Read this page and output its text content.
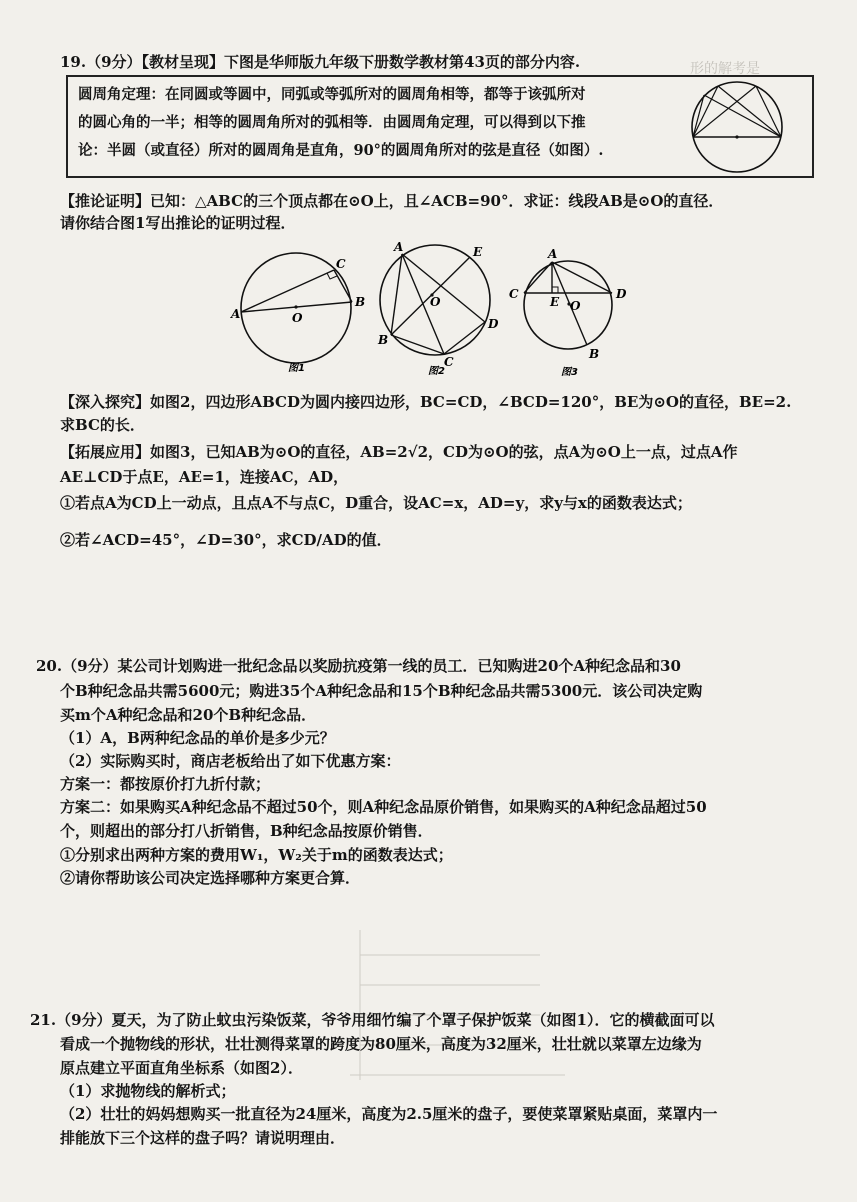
形的解考是
19.（9分）【教材呈现】下图是华师版九年级下册数学教材第43页的部分内容.
圆周角定理：在同圆或等圆中，同弧或等弧所对的圆周角相等，都等于该弧所对
的圆心角的一半；相等的圆周角所对的弧相等．由圆周角定理，可以得到以下推
论：半圆（或直径）所对的圆周角是直角，90°的圆周角所对的弦是直径（如图）.
【推论证明】已知：△ABC的三个顶点都在⊙O上，且∠ACB=90°．求证：线段AB是⊙O的直径．
请你结合图1写出推论的证明过程．
A
B
C
O
图1
A
B
C
D
E
O
图2
A
B
C	D
E O
图3
【深入探究】如图2，四边形ABCD为圆内接四边形，BC=CD，∠BCD=120°，BE为⊙O的直径，BE=2.
求BC的长．
【拓展应用】如图3，已知AB为⊙O的直径，AB=2√2，CD为⊙O的弦，点A为⊙O上一点，过点A作
AE⊥CD于点E，AE=1，连接AC，AD，
①若点A为CD上一动点，且点A不与点C，D重合，设AC=x，AD=y，求y与x的函数表达式；
②若∠ACD=45°，∠D=30°，求CD/AD的值．
20.（9分）某公司计划购进一批纪念品以奖励抗疫第一线的员工．已知购进20个A种纪念品和30
个B种纪念品共需5600元；购进35个A种纪念品和15个B种纪念品共需5300元．该公司决定购
买m个A种纪念品和20个B种纪念品．
（1）A，B两种纪念品的单价是多少元？
（2）实际购买时，商店老板给出了如下优惠方案：
方案一：都按原价打九折付款；
方案二：如果购买A种纪念品不超过50个，则A种纪念品原价销售，如果购买的A种纪念品超过50
个，则超出的部分打八折销售，B种纪念品按原价销售．
①分别求出两种方案的费用W₁，W₂关于m的函数表达式；
②请你帮助该公司决定选择哪种方案更合算．
21.（9分）夏天，为了防止蚊虫污染饭菜，爷爷用细竹编了个罩子保护饭菜（如图1）．它的横截面可以
看成一个抛物线的形状，壮壮测得菜罩的跨度为80厘米，高度为32厘米，壮壮就以菜罩左边缘为
原点建立平面直角坐标系（如图2）．
（1）求抛物线的解析式；
（2）壮壮的妈妈想购买一批直径为24厘米，高度为2.5厘米的盘子，要使菜罩紧贴桌面，菜罩内一
排能放下三个这样的盘子吗？请说明理由．
